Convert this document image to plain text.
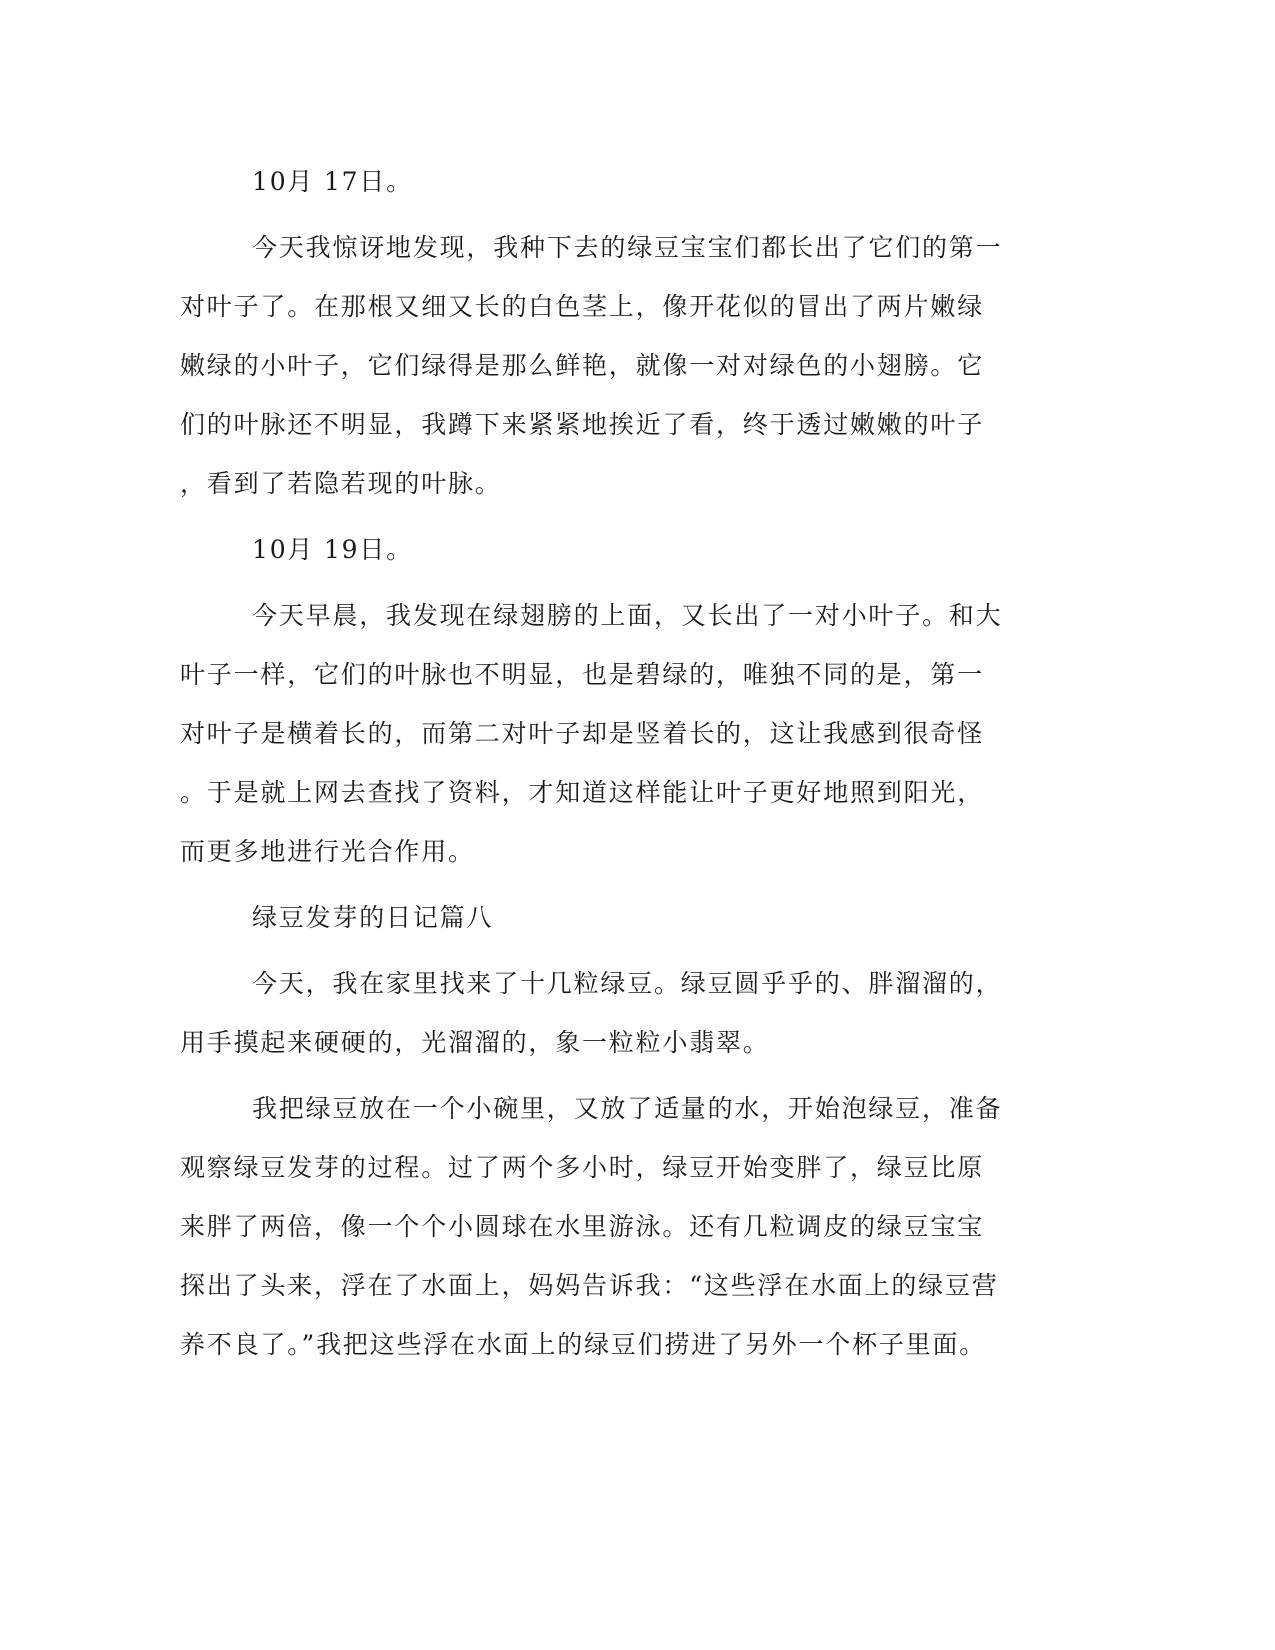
10月 17日。

今天我惊讶地发现，我种下去的绿豆宝宝们都长出了它们的第一
对叶子了。在那根又细又长的白色茎上，像开花似的冒出了两片嫩绿
嫩绿的小叶子，它们绿得是那么鲜艳，就像一对对绿色的小翅膀。它
们的叶脉还不明显，我蹲下来紧紧地挨近了看，终于透过嫩嫩的叶子
，看到了若隐若现的叶脉。

10月 19日。

今天早晨，我发现在绿翅膀的上面，又长出了一对小叶子。和大
叶子一样，它们的叶脉也不明显，也是碧绿的，唯独不同的是，第一
对叶子是横着长的，而第二对叶子却是竖着长的，这让我感到很奇怪
。于是就上网去查找了资料，才知道这样能让叶子更好地照到阳光，
而更多地进行光合作用。

绿豆发芽的日记篇八

今天，我在家里找来了十几粒绿豆。绿豆圆乎乎的、胖溜溜的，
用手摸起来硬硬的，光溜溜的，象一粒粒小翡翠。

我把绿豆放在一个小碗里，又放了适量的水，开始泡绿豆，准备
观察绿豆发芽的过程。过了两个多小时，绿豆开始变胖了，绿豆比原
来胖了两倍，像一个个小圆球在水里游泳。还有几粒调皮的绿豆宝宝
探出了头来，浮在了水面上，妈妈告诉我：“这些浮在水面上的绿豆营
养不良了。”我把这些浮在水面上的绿豆们捞进了另外一个杯子里面。
